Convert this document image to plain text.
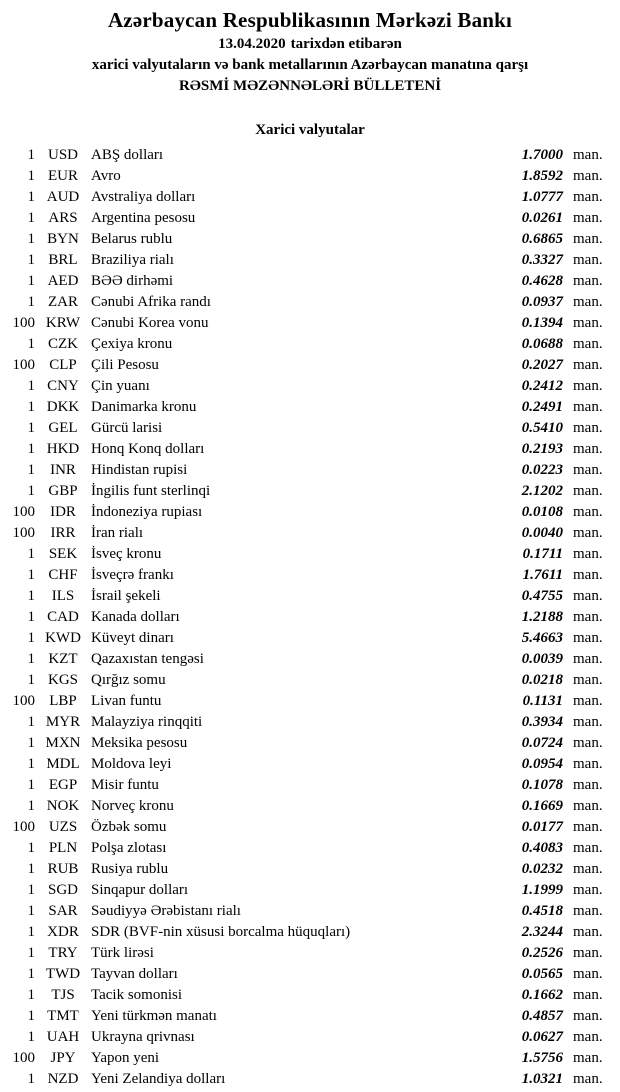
Azərbaycan Respublikasının Mərkəzi Bankı
13.04.2020 tarixdən etibarən
xarici valyutaların və bank metallarının Azərbaycan manatına qarşı
RƏSMİ MƏZƏNNƏLƏRİ BÜLLETENİ
Xarici valyutalar
1 USD ABŞ dolları	1.7000 man.
1 EUR Avro	1.8592 man.
1 AUD Avstraliya dolları	1.0777 man.
1 ARS Argentina pesosu	0.0261 man.
1 BYN Belarus rublu	0.6865 man.
1 BRL Braziliya rialı	0.3327 man.
1 AED BƏƏ dirhəmi	0.4628 man.
1 ZAR Cənubi Afrika randı	0.0937 man.
100 KRW Cənubi Korea vonu	0.1394 man.
1 CZK Çexiya kronu	0.0688 man.
100 CLP Çili Pesosu	0.2027 man.
1 CNY Çin yuanı	0.2412 man.
1 DKK Danimarka kronu	0.2491 man.
1 GEL Gürcü larisi	0.5410 man.
1 HKD Honq Konq dolları	0.2193 man.
1	INR	Hindistan rupisi	0.0223 man.
1 GBP İngilis funt sterlinqi	2.1202 man.
100	IDR	İndoneziya rupiası	0.0108 man.
100	IRR	İran rialı	0.0040 man.
1 SEK İsveç kronu	0.1711 man.
1 CHF İsveçrə frankı	1.7611 man.
1	ILS	İsrail şekeli	0.4755 man.
1 CAD Kanada dolları	1.2188 man.
1 KWD Küveyt dinarı	5.4663 man.
1 KZT Qazaxıstan tengəsi	0.0039 man.
1 KGS Qırğız somu	0.0218 man.
100 LBP Livan funtu	0.1131 man.
1 MYR Malayziya rinqqiti	0.3934 man.
1 MXN Meksika pesosu	0.0724 man.
1 MDL Moldova leyi	0.0954 man.
1 EGP Misir funtu	0.1078 man.
1 NOK Norveç kronu	0.1669 man.
100 UZS Özbək somu	0.0177 man.
1 PLN Polşa zlotası	0.4083 man.
1 RUB Rusiya rublu	0.0232 man.
1 SGD Sinqapur dolları	1.1999 man.
1 SAR Səudiyyə Ərəbistanı rialı	0.4518 man.
1 XDR SDR (BVF-nin xüsusi borcalma hüquqları)	2.3244 man.
1 TRY Türk lirəsi	0.2526 man.
1 TWD Tayvan dolları	0.0565 man.
1	TJS	Tacik somonisi	0.1662 man.
1 TMT Yeni türkmən manatı	0.4857 man.
1 UAH Ukrayna qrivnası	0.0627 man.
100	JPY	Yapon yeni	1.5756 man.
1 NZD Yeni Zelandiya dolları	1.0321 man.
